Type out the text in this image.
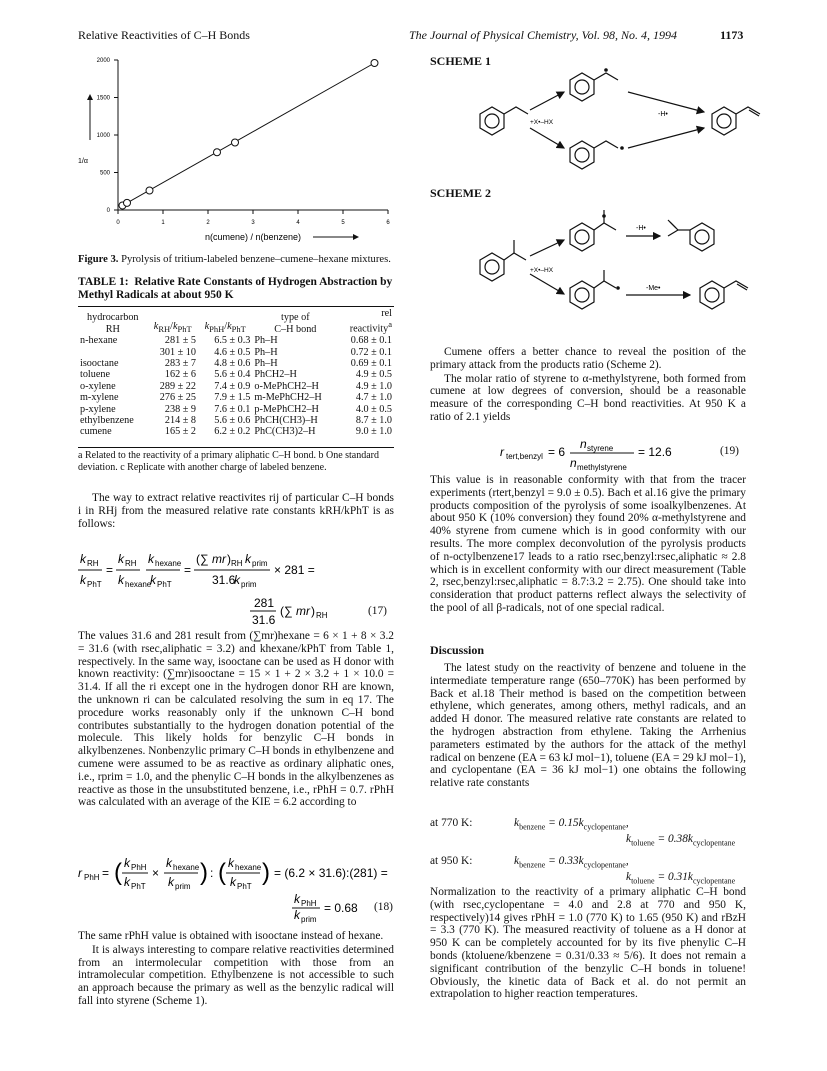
Relative Reactivities of C–H Bonds	The Journal of Physical Chemistry, Vol. 98, No. 4, 1994	1173
0	1	2	3	4	5	6
0
500
1000
1500
2000
n(cumene) / n(benzene)
1/α
Figure 3. Pyrolysis of tritium-labeled benzene–cumene–hexane mixtures.
TABLE 1: Relative Rate Constants of Hydrogen Abstraction by Methyl Radicals at about 950 K
hydrocarbon
RH	$k_{RH}/k_{PhT}$	$k_{PhH}/k_{PhT}$	type of
C–H bond	rel
reactivity$^a$
n-hexane	281 ± 5	6.5 ± 0.3	Ph–H	0.68 ± 0.1
	301 ± 10	4.6 ± 0.5	Ph–H	0.72 ± 0.1
isooctane	283 ± 7	4.8 ± 0.6	Ph–H	0.69 ± 0.1
toluene	162 ± 6	5.6 ± 0.4	PhCH2–H	4.9 ± 0.5
o-xylene	289 ± 22	7.4 ± 0.9	o-MePhCH2–H	4.9 ± 1.0
m-xylene	276 ± 25	7.9 ± 1.5	m-MePhCH2–H	4.7 ± 1.0
p-xylene	238 ± 9	7.6 ± 0.1	p-MePhCH2–H	4.0 ± 0.5
ethylbenzene	214 ± 8	5.6 ± 0.6	PhCH(CH3)–H	8.7 ± 1.0
cumene	165 ± 2	6.2 ± 0.2	PhC(CH3)2–H	9.0 ± 1.0
a Related to the reactivity of a primary aliphatic C–H bond. b One standard deviation. c Replicate with another charge of labeled benzene.

The way to extract relative reactivites rij of particular C–H bonds i in RHj from the measured relative rate constants kRH/kPhT is as follows:

k RH
k PhT
=
k RH
k hexane
k hexane
k PhT
=
(∑ m r ) RH k prim
31.6
k prim
× 281 =
281
31.6
(∑ m r ) RH	(17)

The values 31.6 and 281 result from (∑mr)hexane = 6 × 1 + 8 × 3.2 = 31.6 (with rsec,aliphatic = 3.2) and khexane/kPhT from Table 1, respectively. In the same way, isooctane can be used as H donor with known reactivity: (∑mr)isooctane = 15 × 1 + 2 × 3.2 + 1 × 10.0 = 31.4. If all the ri except one in the hydrogen donor RH are known, the unknown ri can be calculated resolving the sum in eq 17. The procedure works reasonably only if the unknown C–H bond contributes substantially to the hydrogen donation potential of the molecule. This likely holds for benzylic C–H bonds in alkylbenzenes. Nonbenzylic primary C–H bonds in ethylbenzene and cumene were assumed to be as reactive as ordinary aliphatic ones, i.e., rprim = 1.0, and the phenylic C–H bonds in the alkylbenzenes as reactive as those in the unsubstituted benzene, i.e., rPhH = 0.7. rPhH was calculated with an average of the KIE = 6.2 according to

r PhH = ( k PhH
k PhT
×
k hexane
k prim
) : ( k hexane
k PhT
) = (6.2 × 31.6):(281) =
k PhH
k prim
= 0.68 (18)

The same rPhH value is obtained with isooctane instead of hexane.

It is always interesting to compare relative reactivities determined from an intermolecular competition with those from an intramolecular competition. Ethylbenzene is not accessible to such an approach because the primary as well as the benzylic radical will fall into styrene (Scheme 1).

SCHEME 1
+X•–HX
-H•
SCHEME 2
+X•–HX
-H•
-Me•

Cumene offers a better chance to reveal the position of the primary attack from the products ratio (Scheme 2).

The molar ratio of styrene to α-methylstyrene, both formed from cumene at low degrees of conversion, should be a reasonable measure of the corresponding C–H bond reactivities. At 950 K a ratio of 2.1 yields

r tert,benzyl = 6
n styrene
n methylstyrene
= 12.6	(19)

This value is in reasonable conformity with that from the tracer experiments (rtert,benzyl = 9.0 ± 0.5). Bach et al.16 give the primary products composition of the pyrolysis of some isoalkylbenzenes. At about 950 K (10% conversion) they found 20% α-methylstyrene and 40% styrene from cumene which is in good conformity with our results. The more complex deconvolution of the pyrolysis products of n-octylbenzene17 leads to a ratio rsec,benzyl:rsec,aliphatic ≈ 2.8 which is in excellent conformity with our direct measurement (Table 2, rsec,benzyl:rsec,aliphatic = 8.7:3.2 = 2.75). One should take into consideration that product patterns reflect always the selectivity of the pool of all β-radicals, not of one special radical.

Discussion

The latest study on the reactivity of benzene and toluene in the intermediate temperature range (650–770K) has been performed by Back et al.18 Their method is based on the competition between ethylene, which generates, among others, methyl radicals, and an added H donor. The measured relative rate constants are related to the hydrogen abstraction from ethylene. Taking the Arrhenius parameters estimated by the authors for the attack of the methyl radical on benzene (EA = 63 kJ mol−1), toluene (EA = 29 kJ mol−1), and cyclopentane (EA = 36 kJ mol−1) one obtains the following relative rate constants

at 770 K:	$k_{benzene} = 0.15k_{cyclopentane}$,
$k_{toluene} = 0.38k_{cyclopentane}$
at 950 K:	$k_{benzene} = 0.33k_{cyclopentane}$,
$k_{toluene} = 0.31k_{cyclopentane}$

Normalization to the reactivity of a primary aliphatic C–H bond (with rsec,cyclopentane = 4.0 and 2.8 at 770 and 950 K, respectively)14 gives rPhH = 1.0 (770 K) to 1.65 (950 K) and rBzH = 3.3 (770 K). The measured reactivity of toluene as a H donor at 950 K can be completely accounted for by its five phenylic C–H bonds (ktoluene/kbenzene = 0.31/0.33 ≈ 5/6). It does not remain a significant contribution of the benzylic C–H bonds in toluene! Obviously, the kinetic data of Back et al. do not permit an extrapolation to higher reaction temperatures.
